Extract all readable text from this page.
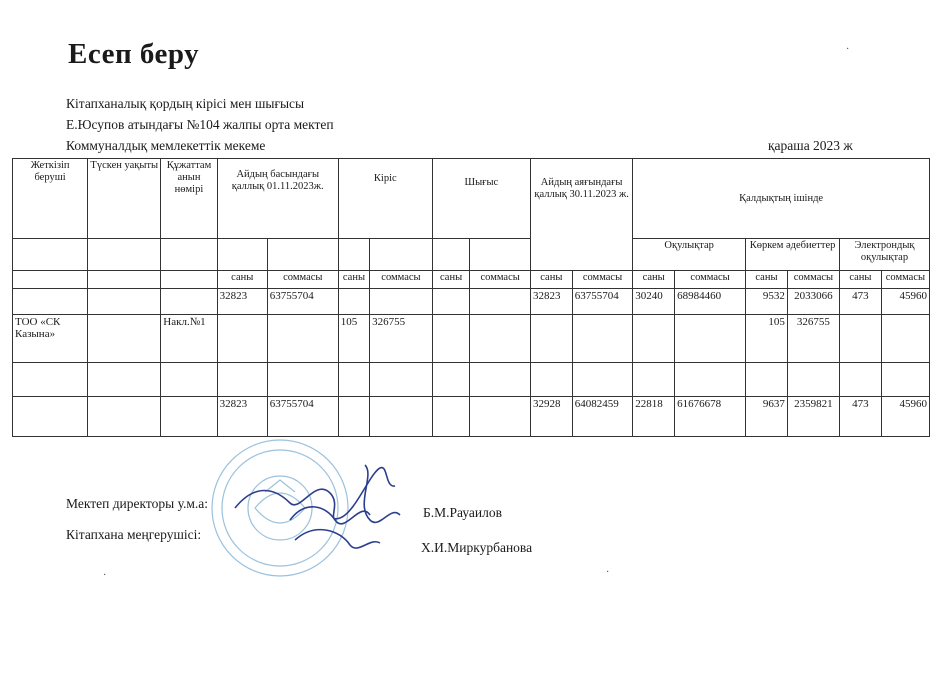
Есеп беру	·
Кітапханалық қордың кірісі мен шығысы
Е.Юсупов атындағы №104 жалпы орта мектеп
Коммуналдық мемлекеттік мекеме	қараша 2023 ж
Жеткізіп беруші	Түскен уақыты	Құжаттам анын нөмірі	Айдың басындағы қаллық 01.11.2023ж.		Кіріс		Шығыс		Айдың аяғындағы қаллық 30.11.2023 ж.		Қалдықтың ішінде					
											Оқулықтар		Көркем әдебиеттер		Электрондық оқулықтар	
			саны	соммасы	саны	соммасы	саны	соммасы	саны	соммасы	саны	соммасы	саны	соммасы	саны	соммасы
			32823	63755704					32823	63755704	30240	68984460	9532	2033066	473	45960
ТОО «СК Казына»		Накл.№1			105	326755							105	326755		

			32823	63755704					32928	64082459	22818	61676678	9637	2359821	473	45960
Мектеп директоры у.м.а:
Б.М.Рауаилов
Кітапхана меңгерушісі:
Х.И.Миркурбанова
·	·
